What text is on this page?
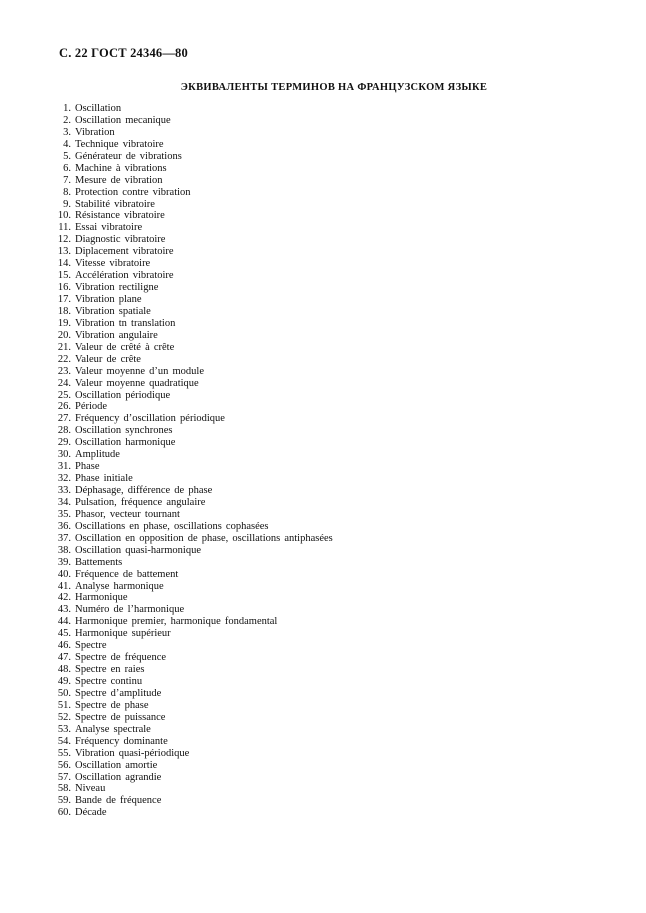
С. 22 ГОСТ 24346—80
ЭКВИВАЛЕНТЫ ТЕРМИНОВ НА ФРАНЦУЗСКОМ ЯЗЫКЕ
1. Oscillation
2. Oscillation mecanique
3. Vibration
4. Technique vibratoire
5. Générateur de vibrations
6. Machine à vibrations
7. Mesure de vibration
8. Protection contre vibration
9. Stabilité vibratoire
10. Résistance vibratoire
11. Essai vibratoire
12. Diagnostic vibratoire
13. Diplacement vibratoire
14. Vitesse vibratoire
15. Accélération vibratoire
16. Vibration rectiligne
17. Vibration plane
18. Vibration spatiale
19. Vibration tn translation
20. Vibration angulaire
21. Valeur de crêté à crête
22. Valeur de crête
23. Valeur moyenne d’un module
24. Valeur moyenne quadratique
25. Oscillation périodique
26. Période
27. Fréquency d’oscillation périodique
28. Oscillation synchrones
29. Oscillation harmonique
30. Amplitude
31. Phase
32. Phase initiale
33. Déphasage, différence de phase
34. Pulsation, fréquence angulaire
35. Phasor, vecteur tournant
36. Oscillations en phase, oscillations cophasées
37. Oscillation en opposition de phase, oscillations antiphasées
38. Oscillation quasi-harmonique
39. Battements
40. Fréquence de battement
41. Analyse harmonique
42. Harmonique
43. Numéro de l’harmonique
44. Harmonique premier, harmonique fondamental
45. Harmonique supérieur
46. Spectre
47. Spectre de fréquence
48. Spectre en raies
49. Spectre continu
50. Spectre d’amplitude
51. Spectre de phase
52. Spectre de puissance
53. Analyse spectrale
54. Fréquency dominante
55. Vibration quasi-périodique
56. Oscillation amortie
57. Oscillation agrandie
58. Niveau
59. Bande de fréquence
60. Décade
